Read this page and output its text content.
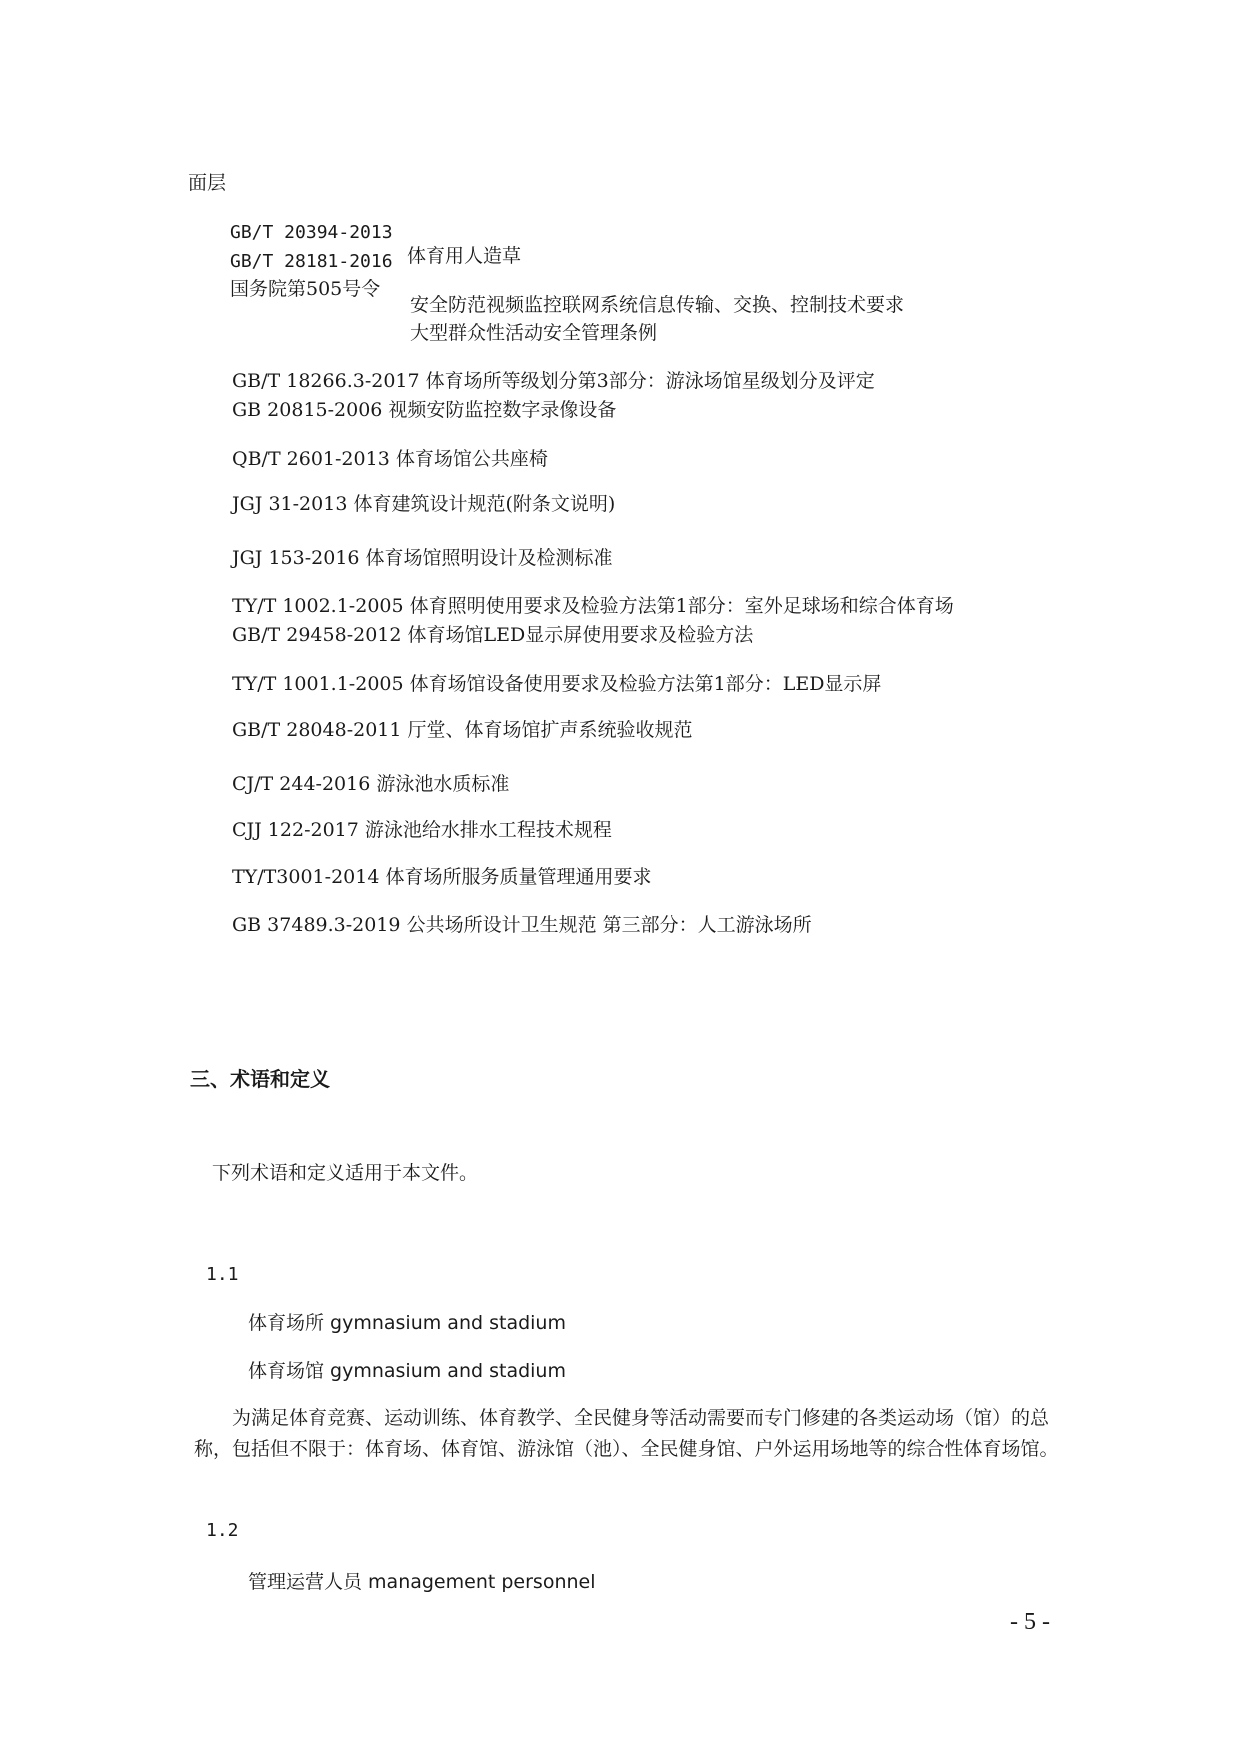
面层
GB/T 20394-2013
GB/T 28181-2016 体育用人造草
国务院第505号令
安全防范视频监控联网系统信息传输、交换、控制技术要求
大型群众性活动安全管理条例
GB/T 18266.3-2017 体育场所等级划分第3部分：游泳场馆星级划分及评定
GB 20815-2006 视频安防监控数字录像设备
QB/T 2601-2013 体育场馆公共座椅
JGJ 31-2013 体育建筑设计规范(附条文说明)
JGJ 153-2016 体育场馆照明设计及检测标准
TY/T 1002.1-2005 体育照明使用要求及检验方法第1部分：室外足球场和综合体育场
GB/T 29458-2012 体育场馆LED显示屏使用要求及检验方法
TY/T 1001.1-2005 体育场馆设备使用要求及检验方法第1部分：LED显示屏
GB/T 28048-2011 厅堂、体育场馆扩声系统验收规范
CJ/T 244-2016 游泳池水质标准
CJJ 122-2017 游泳池给水排水工程技术规程
TY/T3001-2014 体育场所服务质量管理通用要求
GB 37489.3-2019 公共场所设计卫生规范 第三部分：人工游泳场所
三、术语和定义
下列术语和定义适用于本文件。
1.1
体育场所 gymnasium and stadium
体育场馆 gymnasium and stadium

为满足体育竞赛、运动训练、体育教学、全民健身等活动需要而专门修建的各类运动场（馆）的总称，包括但不限于：体育场、体育馆、游泳馆（池）、全民健身馆、户外运用场地等的综合性体育场馆。

1.2
管理运营人员 management personnel
- 5 -
